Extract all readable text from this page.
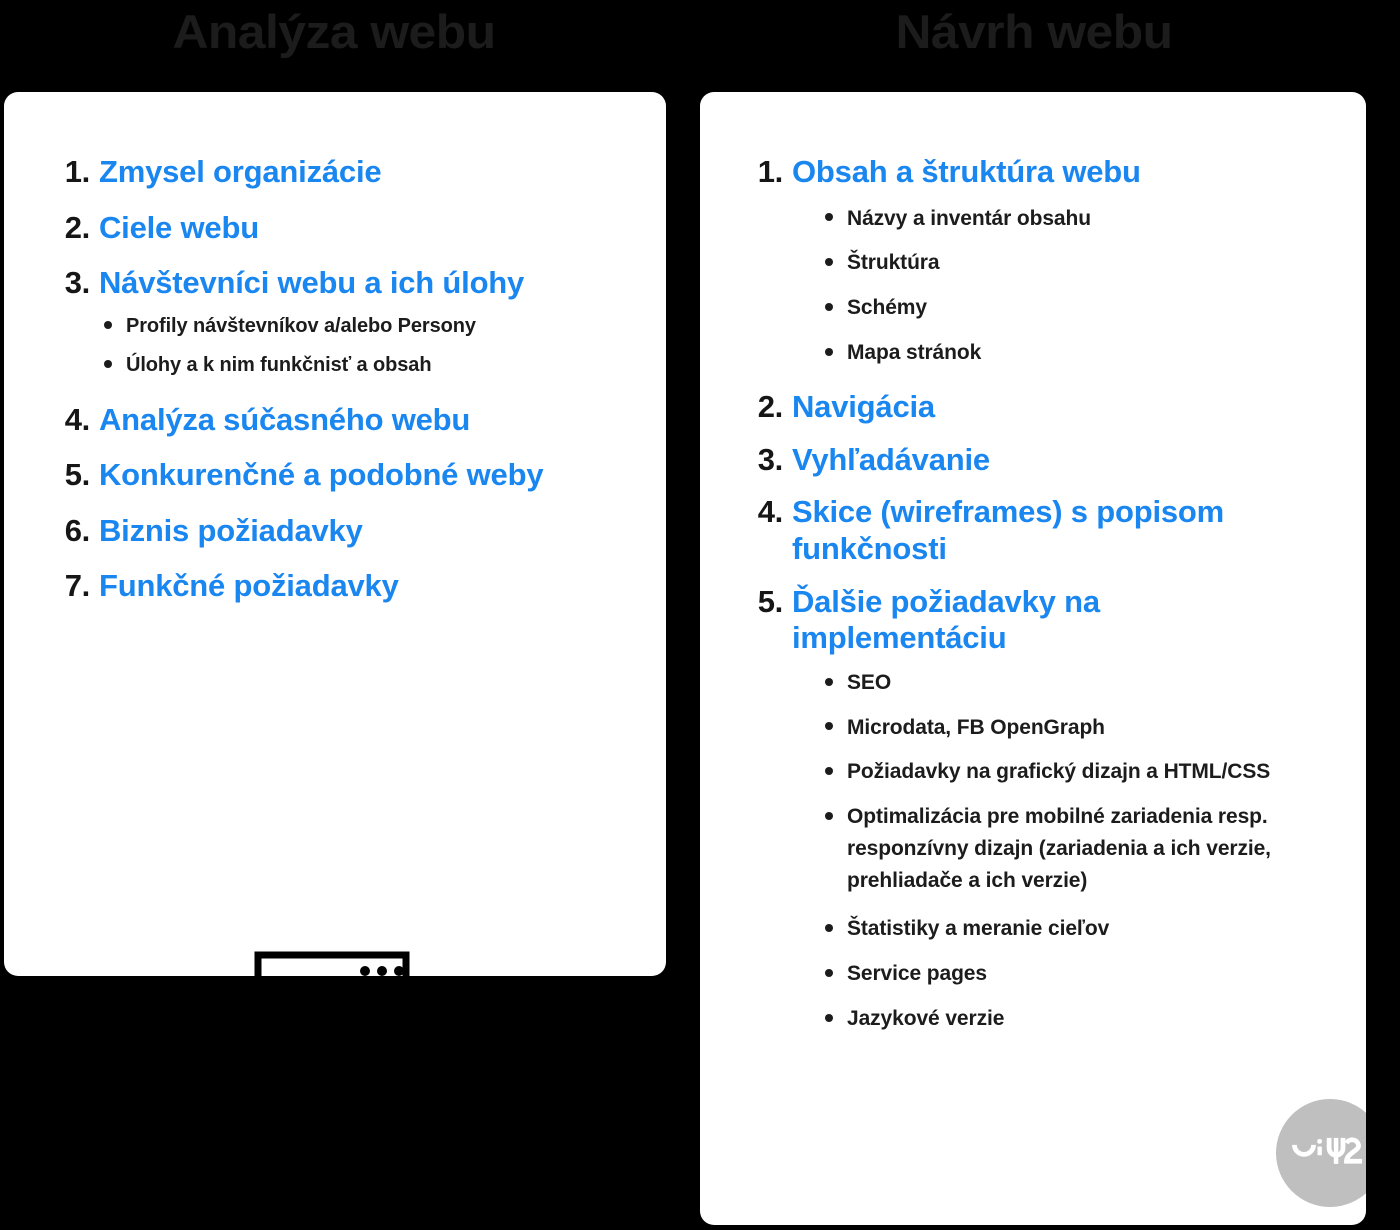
Analýza webu	Návrh webu
1. Zmysel organizácie
2. Ciele webu
3. Návštevníci webu a ich úlohy
Profily návštevníkov a/alebo Persony
Úlohy a k nim funkčnisť a obsah
4. Analýza súčasného webu
5. Konkurenčné a podobné weby
6. Biznis požiadavky
7. Funkčné požiadavky
1. Obsah a štruktúra webu
Názvy a inventár obsahu
Štruktúra
Schémy
Mapa stránok
2. Navigácia
3. Vyhľadávanie
4. Skice (wireframes) s popisom funkčnosti
5. Ďalšie požiadavky na implementáciu
SEO
Microdata, FB OpenGraph
Požiadavky na grafický dizajn a HTML/CSS
Optimalizácia pre mobilné zariadenia resp. responzívny dizajn (zariadenia a ich verzie, prehliadače a ich verzie)
Štatistiky a meranie cieľov
Service pages
Jazykové verzie
